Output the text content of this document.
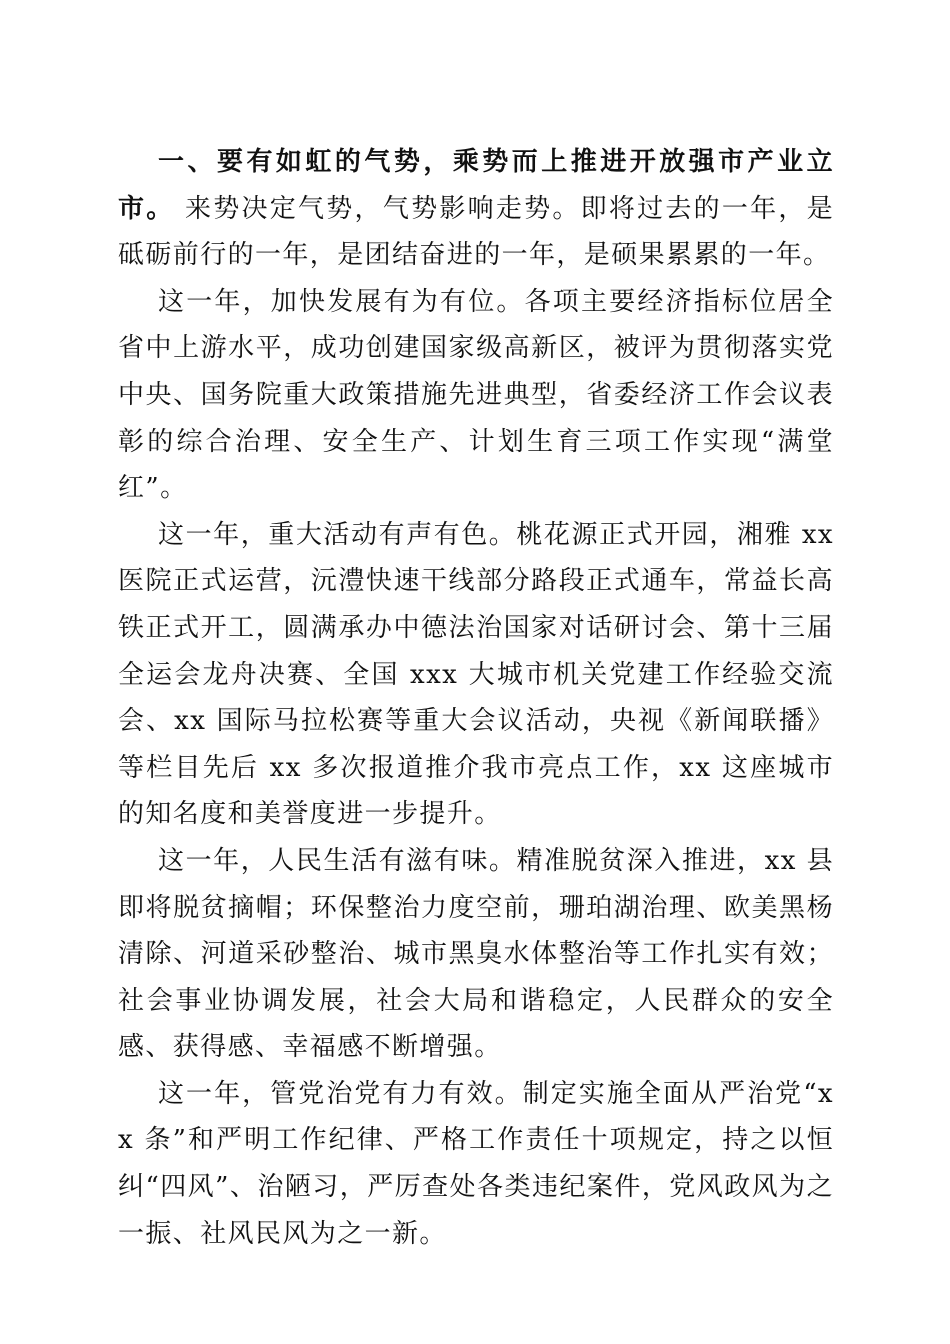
一、要有如虹的气势，乘势而上推进开放强市产业立市。 来势决定气势，气势影响走势。即将过去的一年，是砥砺前行的一年，是团结奋进的一年，是硕果累累的一年。

这一年，加快发展有为有位。各项主要经济指标位居全省中上游水平，成功创建国家级高新区，被评为贯彻落实党中央、国务院重大政策措施先进典型，省委经济工作会议表彰的综合治理、安全生产、计划生育三项工作实现“满堂红”。

这一年，重大活动有声有色。桃花源正式开园，湘雅 xx 医院正式运营，沅澧快速干线部分路段正式通车，常益长高铁正式开工，圆满承办中德法治国家对话研讨会、第十三届全运会龙舟决赛、全国 xxx 大城市机关党建工作经验交流会、xx 国际马拉松赛等重大会议活动，央视《新闻联播》等栏目先后 xx 多次报道推介我市亮点工作，xx 这座城市的知名度和美誉度进一步提升。

这一年，人民生活有滋有味。精准脱贫深入推进，xx 县即将脱贫摘帽；环保整治力度空前，珊珀湖治理、欧美黑杨清除、河道采砂整治、城市黑臭水体整治等工作扎实有效；社会事业协调发展，社会大局和谐稳定，人民群众的安全感、获得感、幸福感不断增强。

这一年，管党治党有力有效。制定实施全面从严治党“xx 条”和严明工作纪律、严格工作责任十项规定，持之以恒纠“四风”、治陋习，严厉查处各类违纪案件，党风政风为之一振、社风民风为之一新。
